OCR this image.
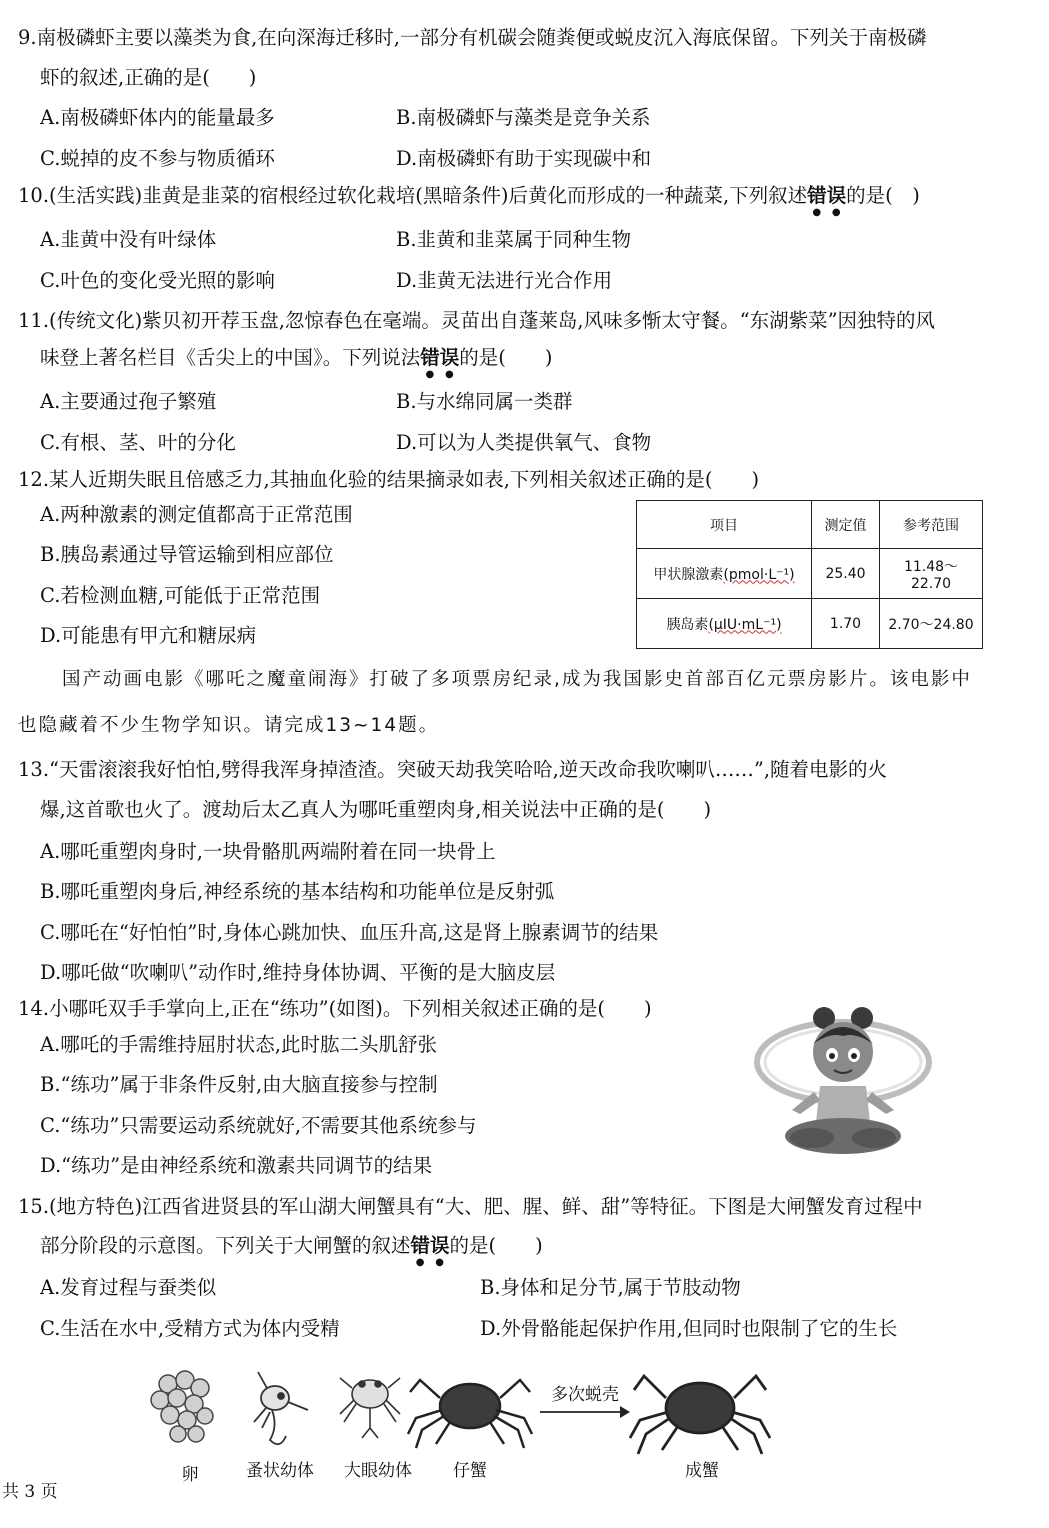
9.南极磷虾主要以藻类为食,在向深海迁移时,一部分有机碳会随粪便或蜕皮沉入海底保留。下列关于南极磷
虾的叙述,正确的是(　　)
A.南极磷虾体内的能量最多	B.南极磷虾与藻类是竞争关系
C.蜕掉的皮不参与物质循环	D.南极磷虾有助于实现碳中和
10.(生活实践)韭黄是韭菜的宿根经过软化栽培(黑暗条件)后黄化而形成的一种蔬菜,下列叙述错误的是(　)
A.韭黄中没有叶绿体	B.韭黄和韭菜属于同种生物
C.叶色的变化受光照的影响	D.韭黄无法进行光合作用
11.(传统文化)紫贝初开荐玉盘,忽惊春色在毫端。灵苗出自蓬莱岛,风味多惭太守餐。“东湖紫菜”因独特的风
味登上著名栏目《舌尖上的中国》。下列说法错误的是(　　)
A.主要通过孢子繁殖	B.与水绵同属一类群
C.有根、茎、叶的分化	D.可以为人类提供氧气、食物
12.某人近期失眠且倍感乏力,其抽血化验的结果摘录如表,下列相关叙述正确的是(　　)
A.两种激素的测定值都高于正常范围
B.胰岛素通过导管运输到相应部位
C.若检测血糖,可能低于正常范围
D.可能患有甲亢和糖尿病
项目	测定值	参考范围
甲状腺激素(pmol·L⁻¹)	25.40	11.48～22.70
胰岛素(μIU·mL⁻¹)	1.70	2.70～24.80
国产动画电影《哪吒之魔童闹海》打破了多项票房纪录,成为我国影史首部百亿元票房影片。该电影中
也隐藏着不少生物学知识。请完成13~14题。
13.“天雷滚滚我好怕怕,劈得我浑身掉渣渣。突破天劫我笑哈哈,逆天改命我吹喇叭……”,随着电影的火
爆,这首歌也火了。渡劫后太乙真人为哪吒重塑肉身,相关说法中正确的是(　　)
A.哪吒重塑肉身时,一块骨骼肌两端附着在同一块骨上
B.哪吒重塑肉身后,神经系统的基本结构和功能单位是反射弧
C.哪吒在“好怕怕”时,身体心跳加快、血压升高,这是肾上腺素调节的结果
D.哪吒做“吹喇叭”动作时,维持身体协调、平衡的是大脑皮层
14.小哪吒双手手掌向上,正在“练功”(如图)。下列相关叙述正确的是(　　)
A.哪吒的手需维持屈肘状态,此时肱二头肌舒张
B.“练功”属于非条件反射,由大脑直接参与控制
C.“练功”只需要运动系统就好,不需要其他系统参与
D.“练功”是由神经系统和激素共同调节的结果
15.(地方特色)江西省进贤县的军山湖大闸蟹具有“大、肥、腥、鲜、甜”等特征。下图是大闸蟹发育过程中
部分阶段的示意图。下列关于大闸蟹的叙述错误的是(　　)
A.发育过程与蚕类似	B.身体和足分节,属于节肢动物
C.生活在水中,受精方式为体内受精	D.外骨骼能起保护作用,但同时也限制了它的生长
多次蜕壳
卵	蚤状幼体 大眼幼体 仔蟹	成蟹
共 3 页
